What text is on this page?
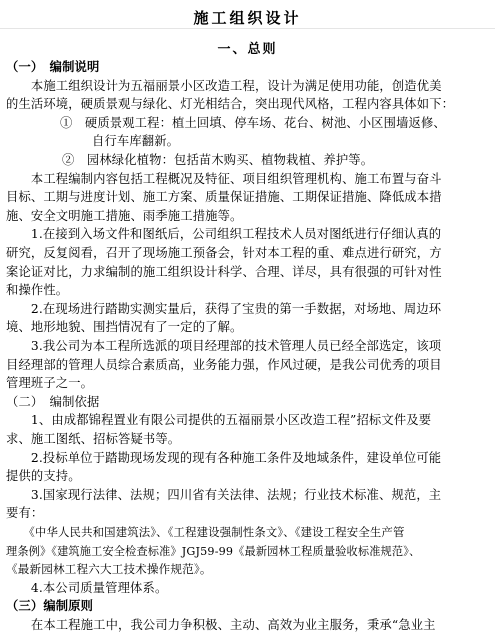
施工组织设计
一、总则
（一）　编制说明
　　本施工组织设计为五福丽景小区改造工程，设计为满足使用功能，创造优美
的生活环境，硬质景观与绿化、灯光相结合，突出现代风格，工程内容具体如下：
①　硬质景观工程：植土回填、停车场、花台、树池、小区围墙返修、
自行车库翻新。
②　园林绿化植物：包括苗木购买、植物栽植、养护等。
　　本工程编制内容包括工程概况及特征、项目组织管理机构、施工布置与奋斗
目标、工期与进度计划、施工方案、质量保证措施、工期保证措施、降低成本措
施、安全文明施工措施、雨季施工措施等。
　　1.在接到入场文件和图纸后，公司组织工程技术人员对图纸进行仔细认真的
研究，反复阅看，召开了现场施工预备会，针对本工程的重、难点进行研究，方
案论证对比，力求编制的施工组织设计科学、合理、详尽，具有很强的可针对性
和操作性。
　　2.在现场进行踏勘实测实量后，获得了宝贵的第一手数据，对场地、周边环
境、地形地貌、围挡情况有了一定的了解。
　　3.我公司为本工程所选派的项目经理部的技术管理人员已经全部选定，该项
目经理部的管理人员综合素质高，业务能力强，作风过硬，是我公司优秀的项目
管理班子之一。
（二）　编制依据
　　1、由成都锦程置业有限公司提供的五福丽景小区改造工程”招标文件及要
求、施工图纸、招标答疑书等。
　　2.投标单位于踏勘现场发现的现有各种施工条件及地域条件，建设单位可能
提供的支持。
　　3.国家现行法律、法规；四川省有关法律、法规；行业技术标准、规范，主
要有：
　　《中华人民共和国建筑法》、《工程建设强制性条文》、《建设工程安全生产管
理条例》《建筑施工安全检查标准》JGJ59-99《最新园林工程质量验收标准规范》、
《最新园林工程六大工技术操作规范》。
　　4.本公司质量管理体系。
（三）编制原则
　　在本工程施工中，我公司力争积极、主动、高效为业主服务，秉承“急业主
